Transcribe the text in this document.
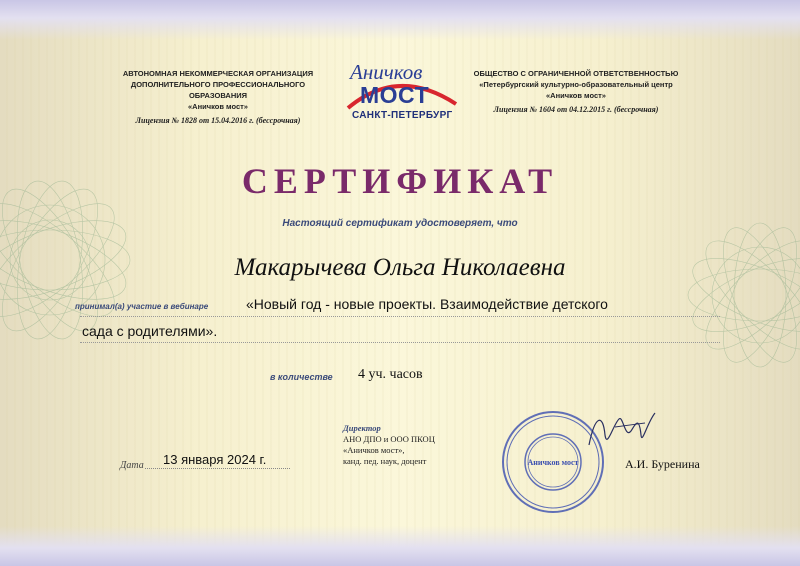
АВТОНОМНАЯ НЕКОММЕРЧЕСКАЯ ОРГАНИЗАЦИЯ
ДОПОЛНИТЕЛЬНОГО ПРОФЕССИОНАЛЬНОГО ОБРАЗОВАНИЯ
«Аничков мост»
Лицензия № 1828 от 15.04.2016 г. (бессрочная)
Аничков
МОСТ
САНКТ-ПЕТЕРБУРГ
ОБЩЕСТВО С ОГРАНИЧЕННОЙ ОТВЕТСТВЕННОСТЬЮ
«Петербургский культурно-образовательный центр
«Аничков мост»
Лицензия № 1604 от 04.12.2015 г. (бессрочная)
СЕРТИФИКАТ
Настоящий сертификат удостоверяет, что
Макарычева Ольга Николаевна
принимал(а) участие в вебинаре	«Новый год - новые проекты. Взаимодействие детского
сада с родителями».
в количестве 4 уч. часов
Дата 13 января 2024 г.
Директор
АНО ДПО и ООО ПКОЦ
«Аничков мост»,
канд. пед. наук, доцент	Аничков мост	А.И. Буренина
